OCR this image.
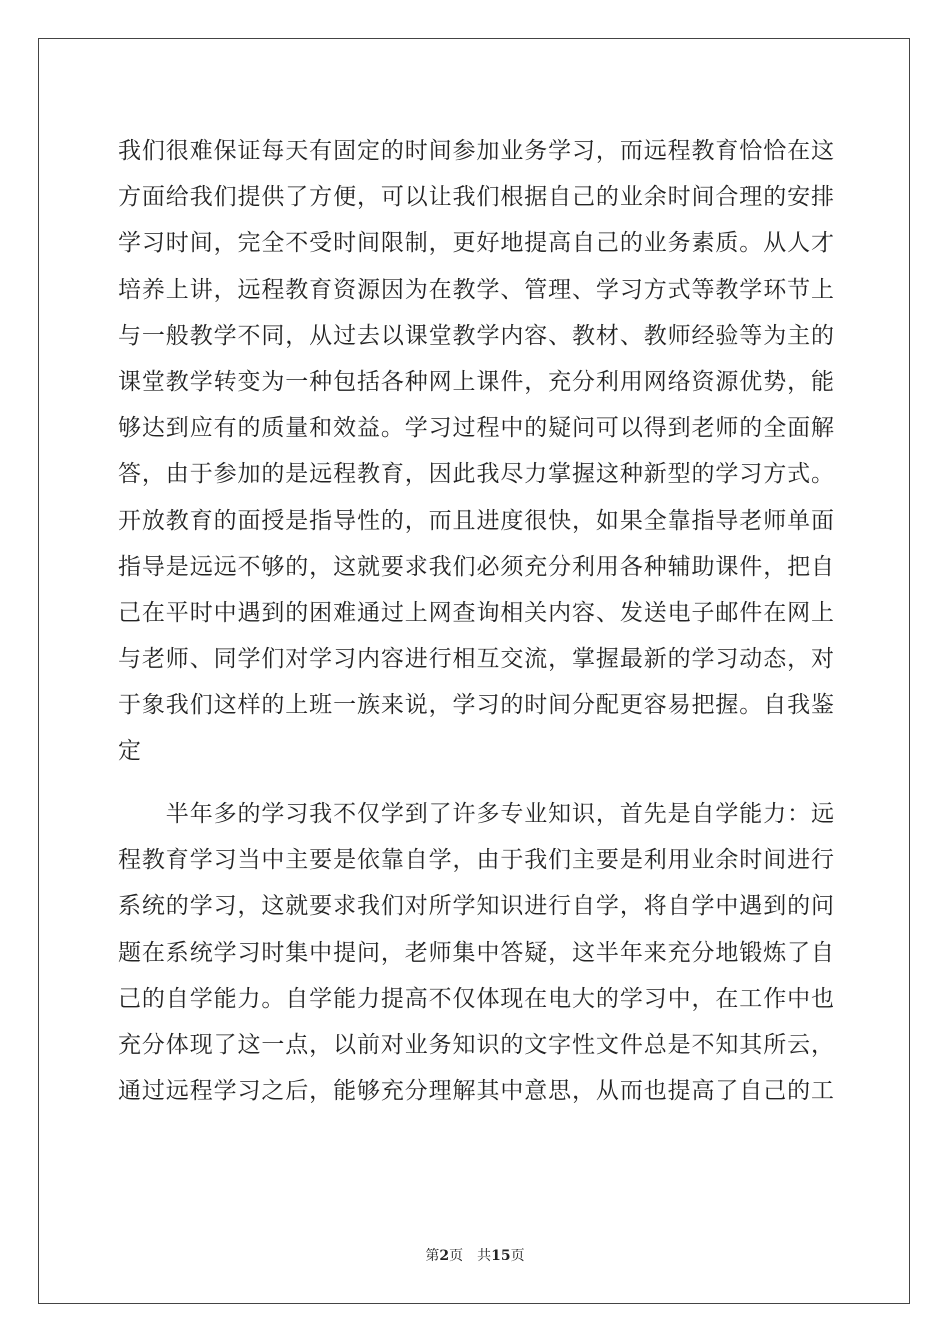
我们很难保证每天有固定的时间参加业务学习，而远程教育恰恰在这
方面给我们提供了方便，可以让我们根据自己的业余时间合理的安排
学习时间，完全不受时间限制，更好地提高自己的业务素质。从人才
培养上讲，远程教育资源因为在教学、管理、学习方式等教学环节上
与一般教学不同，从过去以课堂教学内容、教材、教师经验等为主的
课堂教学转变为一种包括各种网上课件，充分利用网络资源优势，能
够达到应有的质量和效益。学习过程中的疑问可以得到老师的全面解
答，由于参加的是远程教育，因此我尽力掌握这种新型的学习方式。
开放教育的面授是指导性的，而且进度很快，如果全靠指导老师单面
指导是远远不够的，这就要求我们必须充分利用各种辅助课件，把自
己在平时中遇到的困难通过上网查询相关内容、发送电子邮件在网上
与老师、同学们对学习内容进行相互交流，掌握最新的学习动态，对
于象我们这样的上班一族来说，学习的时间分配更容易把握。自我鉴
定
　　半年多的学习我不仅学到了许多专业知识，首先是自学能力：远
程教育学习当中主要是依靠自学，由于我们主要是利用业余时间进行
系统的学习，这就要求我们对所学知识进行自学，将自学中遇到的问
题在系统学习时集中提问，老师集中答疑，这半年来充分地锻炼了自
己的自学能力。自学能力提高不仅体现在电大的学习中，在工作中也
充分体现了这一点，以前对业务知识的文字性文件总是不知其所云，
通过远程学习之后，能够充分理解其中意思，从而也提高了自己的工
第2页 共15页
